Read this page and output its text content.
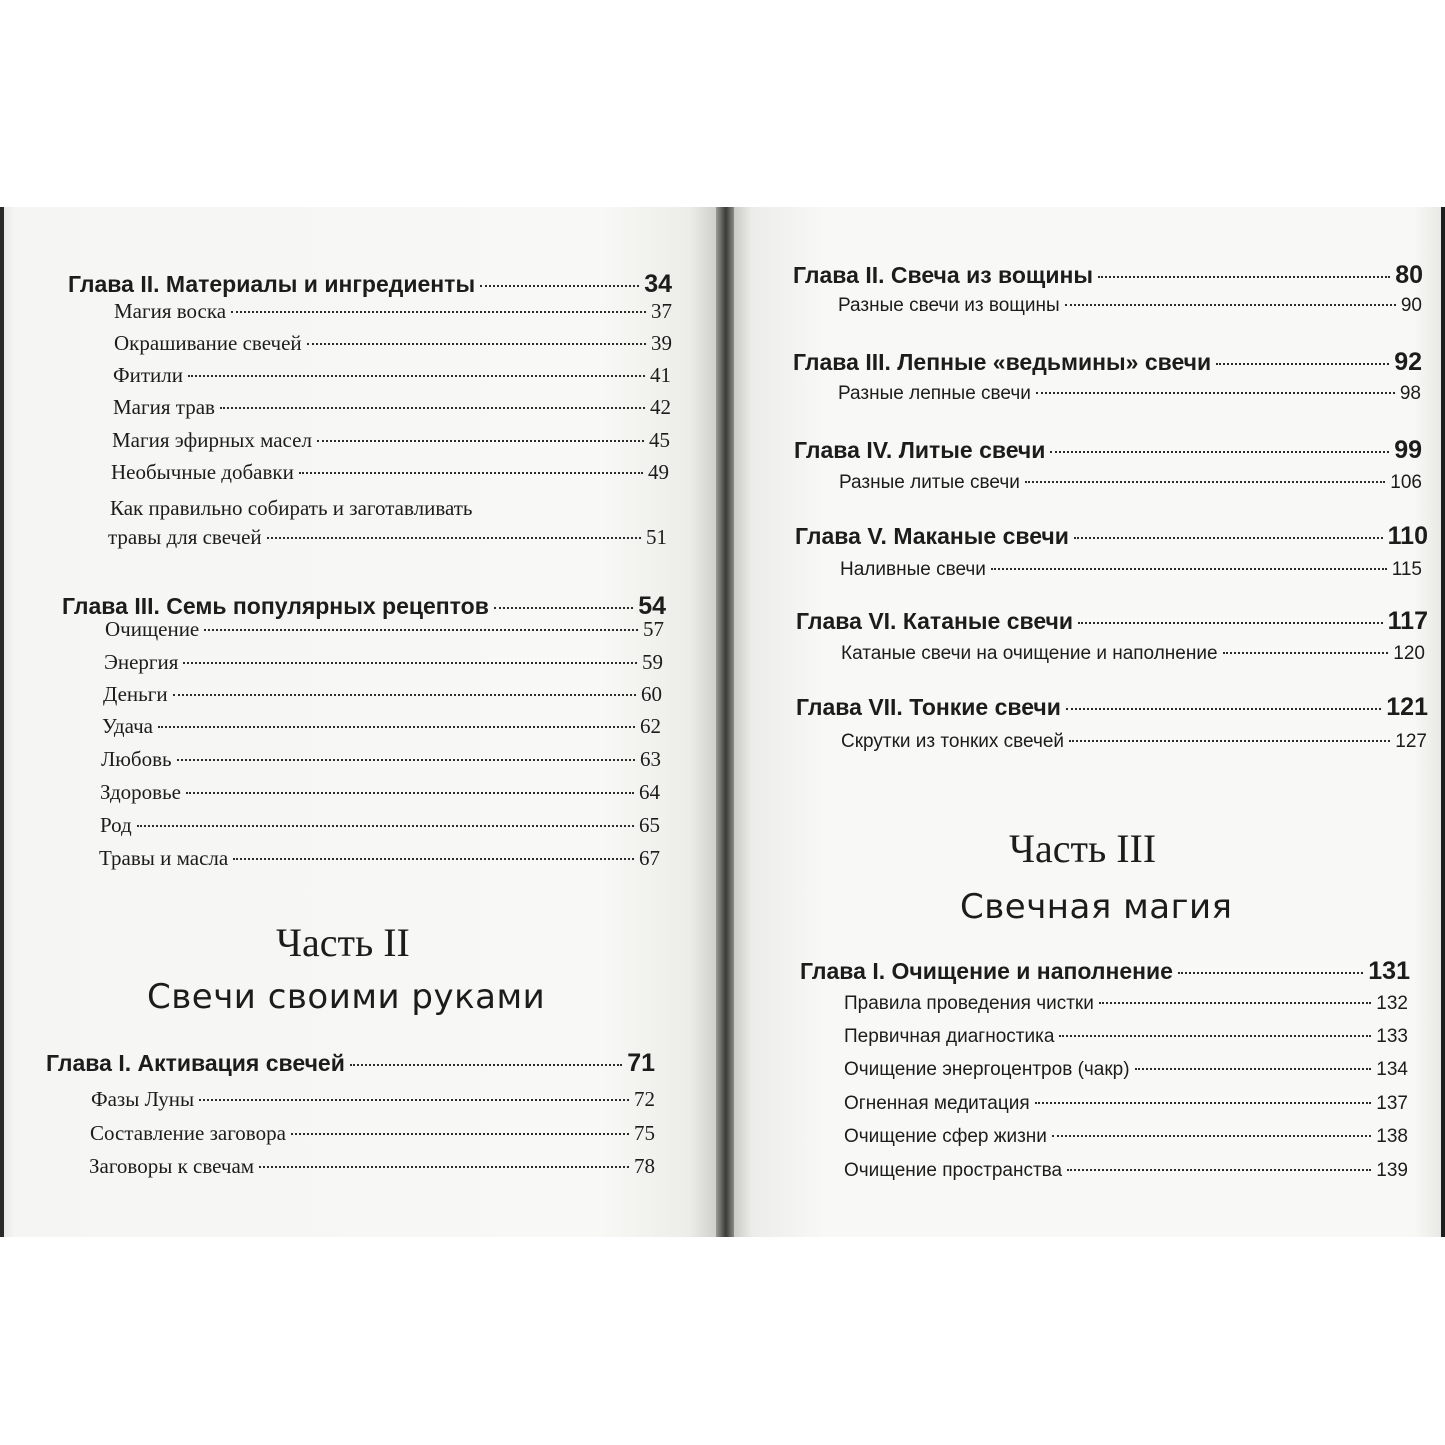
Глава II. Материалы и ингредиенты	34
Магия воска	37
Окрашивание свечей	39
Фитили	41
Магия трав	42
Магия эфирных масел	45
Необычные добавки	49
Как правильно собирать и заготавливать
травы для свечей	51
Глава III. Семь популярных рецептов	54
Очищение	57
Энергия	59
Деньги	60
Удача	62
Любовь	63
Здоровье	64
Род	65
Травы и масла	67
Часть II
Свечи своими руками
Глава I. Активация свечей	71
Фазы Луны	72
Составление заговора	75
Заговоры к свечам	78
Глава II. Свеча из вощины	80
Разные свечи из вощины	90
Глава III. Лепные «ведьмины» свечи	92
Разные лепные свечи	98
Глава IV. Литые свечи	99
Разные литые свечи	106
Глава V. Маканые свечи	110
Наливные свечи	115
Глава VI. Катаные свечи	117
Катаные свечи на очищение и наполнение	120
Глава VII. Тонкие свечи	121
Скрутки из тонких свечей	127
Часть III
Свечная магия
Глава I. Очищение и наполнение	131
Правила проведения чистки	132
Первичная диагностика	133
Очищение энергоцентров (чакр)	134
Огненная медитация	137
Очищение сфер жизни	138
Очищение пространства	139
